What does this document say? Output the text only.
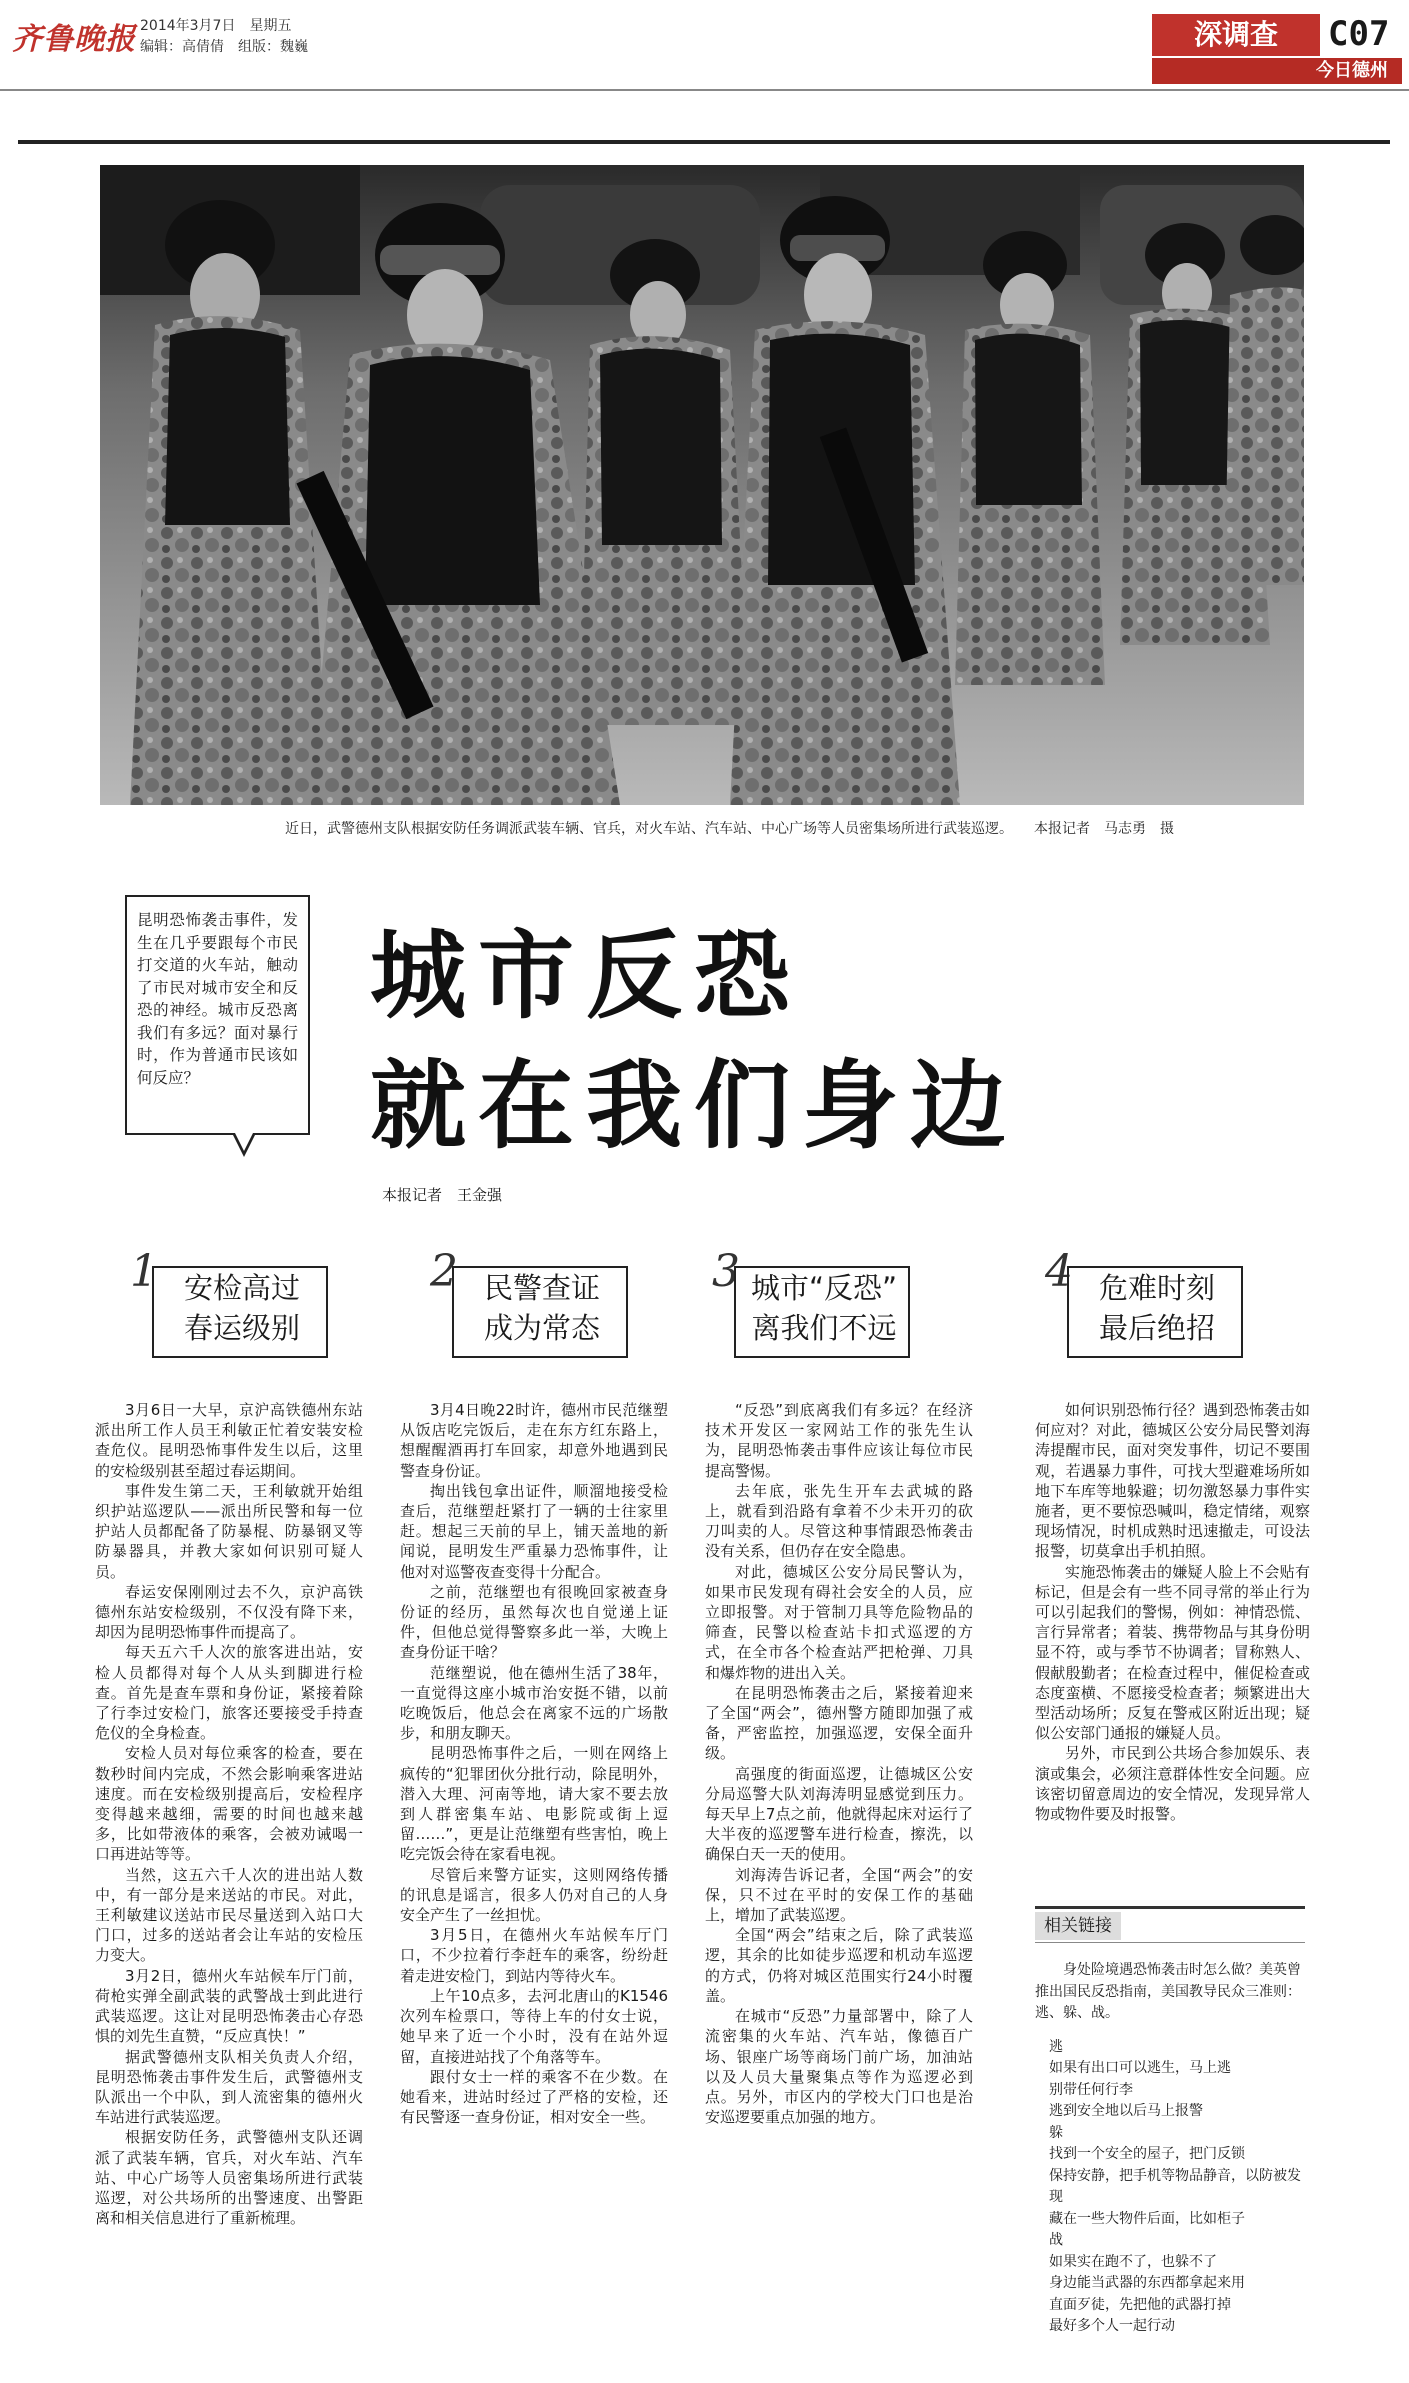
齐鲁晚报 2014年3月7日　星期五
编辑：高倩倩　组版：魏巍	深调查	C07
今日德州
近日，武警德州支队根据安防任务调派武装车辆、官兵，对火车站、汽车站、中心广场等人员密集场所进行武装巡逻。　　本报记者　马志勇　摄
昆明恐怖袭击事件，发生在几乎要跟每个市民打交道的火车站，触动了市民对城市安全和反恐的神经。城市反恐离我们有多远？面对暴行时，作为普通市民该如何反应？
城市反恐
就在我们身边
本报记者　王金强
1 安检高过
春运级别
2 民警查证
成为常态
3 城市“反恐”
离我们不远
4 危难时刻
最后绝招

3月6日一大早，京沪高铁德州东站派出所工作人员王利敏正忙着安装安检查危仪。昆明恐怖事件发生以后，这里的安检级别甚至超过春运期间。

事件发生第二天，王利敏就开始组织护站巡逻队——派出所民警和每一位护站人员都配备了防暴棍、防暴钢叉等防暴器具，并教大家如何识别可疑人员。

春运安保刚刚过去不久，京沪高铁德州东站安检级别，不仅没有降下来，却因为昆明恐怖事件而提高了。

每天五六千人次的旅客进出站，安检人员都得对每个人从头到脚进行检查。首先是查车票和身份证，紧接着除了行李过安检门，旅客还要接受手持查危仪的全身检查。

安检人员对每位乘客的检查，要在数秒时间内完成，不然会影响乘客进站速度。而在安检级别提高后，安检程序变得越来越细，需要的时间也越来越多，比如带液体的乘客，会被劝诫喝一口再进站等等。

当然，这五六千人次的进出站人数中，有一部分是来送站的市民。对此，王利敏建议送站市民尽量送到入站口大门口，过多的送站者会让车站的安检压力变大。

3月2日，德州火车站候车厅门前，荷枪实弹全副武装的武警战士到此进行武装巡逻。这让对昆明恐怖袭击心存恐惧的刘先生直赞，“反应真快！”

据武警德州支队相关负责人介绍，昆明恐怖袭击事件发生后，武警德州支队派出一个中队，到人流密集的德州火车站进行武装巡逻。

根据安防任务，武警德州支队还调派了武装车辆，官兵，对火车站、汽车站、中心广场等人员密集场所进行武装巡逻，对公共场所的出警速度、出警距离和相关信息进行了重新梳理。

3月4日晚22时许，德州市民范继塑从饭店吃完饭后，走在东方红东路上，想醒醒酒再打车回家，却意外地遇到民警查身份证。

掏出钱包拿出证件，顺溜地接受检查后，范继塑赶紧打了一辆的士往家里赶。想起三天前的早上，铺天盖地的新闻说，昆明发生严重暴力恐怖事件，让他对对巡警夜查变得十分配合。

之前，范继塑也有很晚回家被查身份证的经历，虽然每次也自觉递上证件，但他总觉得警察多此一举，大晚上查身份证干啥？

范继塑说，他在德州生活了38年，一直觉得这座小城市治安挺不错，以前吃晚饭后，他总会在离家不远的广场散步，和朋友聊天。

昆明恐怖事件之后，一则在网络上疯传的“犯罪团伙分批行动，除昆明外，潜入大理、河南等地，请大家不要去放到人群密集车站、电影院或街上逗留……”，更是让范继塑有些害怕，晚上吃完饭会待在家看电视。

尽管后来警方证实，这则网络传播的讯息是谣言，很多人仍对自己的人身安全产生了一丝担忧。

3月5日，在德州火车站候车厅门口，不少拉着行李赶车的乘客，纷纷赶着走进安检门，到站内等待火车。

上午10点多，去河北唐山的K1546次列车检票口，等待上车的付女士说，她早来了近一个小时，没有在站外逗留，直接进站找了个角落等车。

跟付女士一样的乘客不在少数。在她看来，进站时经过了严格的安检，还有民警逐一查身份证，相对安全一些。

“反恐”到底离我们有多远？在经济技术开发区一家网站工作的张先生认为，昆明恐怖袭击事件应该让每位市民提高警惕。

去年底，张先生开车去武城的路上，就看到沿路有拿着不少未开刃的砍刀叫卖的人。尽管这种事情跟恐怖袭击没有关系，但仍存在安全隐患。

对此，德城区公安分局民警认为，如果市民发现有碍社会安全的人员，应立即报警。对于管制刀具等危险物品的筛查，民警以检查站卡扣式巡逻的方式，在全市各个检查站严把枪弹、刀具和爆炸物的进出入关。

在昆明恐怖袭击之后，紧接着迎来了全国“两会”，德州警方随即加强了戒备，严密监控，加强巡逻，安保全面升级。

高强度的街面巡逻，让德城区公安分局巡警大队刘海涛明显感觉到压力。每天早上7点之前，他就得起床对运行了大半夜的巡逻警车进行检查，擦洗，以确保白天一天的使用。

刘海涛告诉记者，全国“两会”的安保，只不过在平时的安保工作的基础上，增加了武装巡逻。

全国“两会”结束之后，除了武装巡逻，其余的比如徒步巡逻和机动车巡逻的方式，仍将对城区范围实行24小时覆盖。

在城市“反恐”力量部署中，除了人流密集的火车站、汽车站，像德百广场、银座广场等商场门前广场，加油站以及人员大量聚集点等作为巡逻必到点。另外，市区内的学校大门口也是治安巡逻要重点加强的地方。

如何识别恐怖行径？遇到恐怖袭击如何应对？对此，德城区公安分局民警刘海涛提醒市民，面对突发事件，切记不要围观，若遇暴力事件，可找大型避难场所如地下车库等地躲避；切勿激怒暴力事件实施者，更不要惊恐喊叫，稳定情绪，观察现场情况，时机成熟时迅速撤走，可设法报警，切莫拿出手机拍照。

实施恐怖袭击的嫌疑人脸上不会贴有标记，但是会有一些不同寻常的举止行为可以引起我们的警惕，例如：神情恐慌、言行异常者；着装、携带物品与其身份明显不符，或与季节不协调者；冒称熟人、假献殷勤者；在检查过程中，催促检查或态度蛮横、不愿接受检查者；频繁进出大型活动场所；反复在警戒区附近出现；疑似公安部门通报的嫌疑人员。

另外，市民到公共场合参加娱乐、表演或集会，必须注意群体性安全问题。应该密切留意周边的安全情况，发现异常人物或物件要及时报警。

相关链接

身处险境遇恐怖袭击时怎么做？美英曾推出国民反恐指南，美国教导民众三准则：逃、躲、战。

逃

如果有出口可以逃生，马上逃

别带任何行李

逃到安全地以后马上报警

躲

找到一个安全的屋子，把门反锁

保持安静，把手机等物品静音，以防被发现

藏在一些大物件后面，比如柜子

战

如果实在跑不了，也躲不了

身边能当武器的东西都拿起来用

直面歹徒，先把他的武器打掉

最好多个人一起行动
